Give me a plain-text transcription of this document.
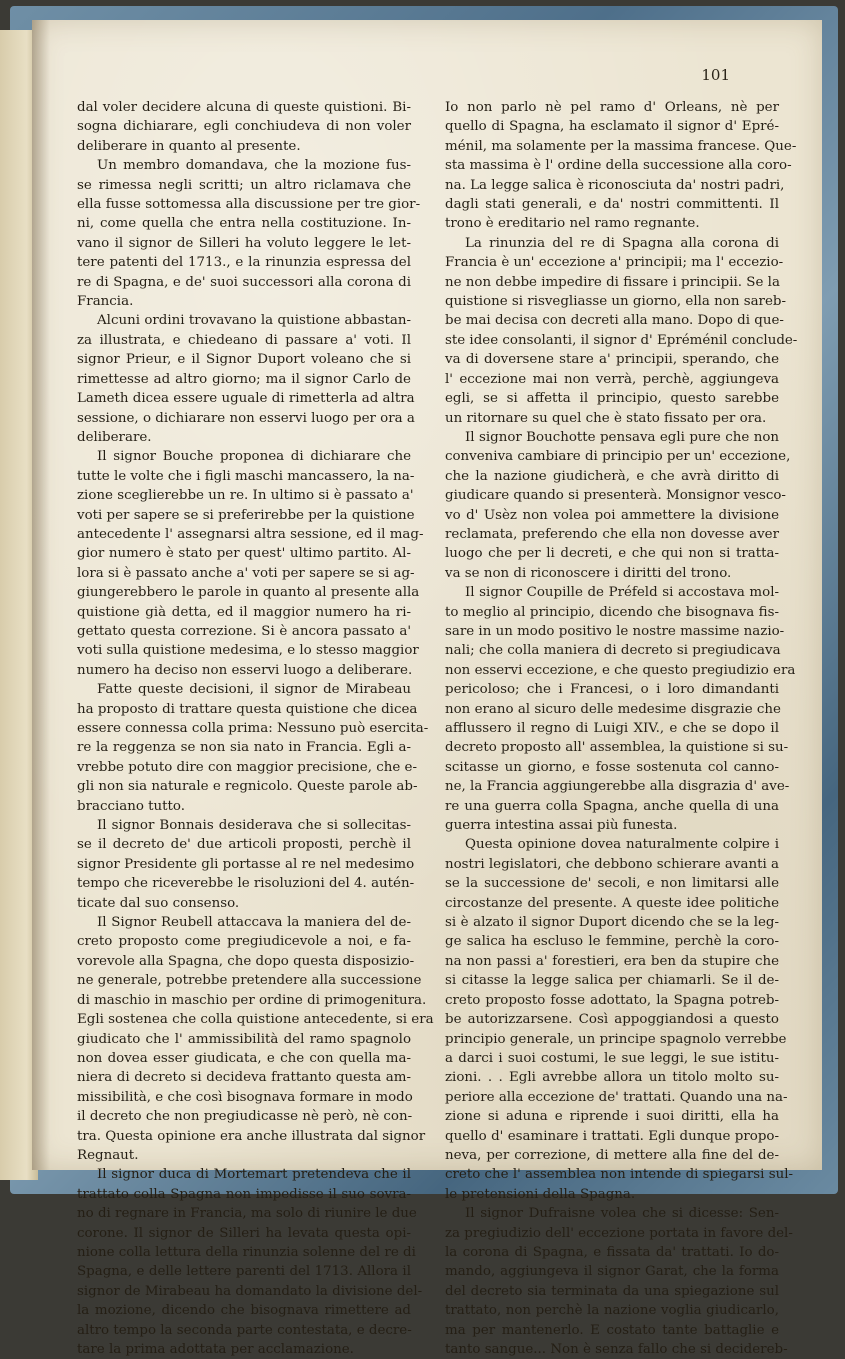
101
dal voler decidere alcuna di queste quistioni. Bi-
sogna dichiarare, egli conchiudeva di non voler
deliberare in quanto al presente.
Un membro domandava, che la mozione fus-
se rimessa negli scritti; un altro riclamava che
ella fusse sottomessa alla discussione per tre gior-
ni, come quella che entra nella costituzione. In-
vano il signor de Silleri ha voluto leggere le let-
tere patenti del 1713., e la rinunzia espressa del
re di Spagna, e de' suoi successori alla corona di
Francia.
Alcuni ordini trovavano la quistione abbastan-
za illustrata, e chiedeano di passare a' voti. Il
signor Prieur, e il Signor Duport voleano che si
rimettesse ad altro giorno; ma il signor Carlo de
Lameth dicea essere uguale di rimetterla ad altra
sessione, o dichiarare non esservi luogo per ora a
deliberare.
Il signor Bouche proponea di dichiarare che
tutte le volte che i figli maschi mancassero, la na-
zione sceglierebbe un re. In ultimo si è passato a'
voti per sapere se si preferirebbe per la quistione
antecedente l' assegnarsi altra sessione, ed il mag-
gior numero è stato per quest' ultimo partito. Al-
lora si è passato anche a' voti per sapere se si ag-
giungerebbero le parole in quanto al presente alla
quistione già detta, ed il maggior numero ha ri-
gettato questa correzione. Si è ancora passato a'
voti sulla quistione medesima, e lo stesso maggior
numero ha deciso non esservi luogo a deliberare.
Fatte queste decisioni, il signor de Mirabeau
ha proposto di trattare questa quistione che dicea
essere connessa colla prima: Nessuno può esercita-
re la reggenza se non sia nato in Francia. Egli a-
vrebbe potuto dire con maggior precisione, che e-
gli non sia naturale e regnicolo. Queste parole ab-
bracciano tutto.
Il signor Bonnais desiderava che si sollecitas-
se il decreto de' due articoli proposti, perchè il
signor Presidente gli portasse al re nel medesimo
tempo che riceverebbe le risoluzioni del 4. autén-
ticate dal suo consenso.
Il Signor Reubell attaccava la maniera del de-
creto proposto come pregiudicevole a noi, e fa-
vorevole alla Spagna, che dopo questa disposizio-
ne generale, potrebbe pretendere alla successione
di maschio in maschio per ordine di primogenitura.
Egli sostenea che colla quistione antecedente, si era
giudicato che l' ammissibilità del ramo spagnolo
non dovea esser giudicata, e che con quella ma-
niera di decreto si decideva frattanto questa am-
missibilità, e che così bisognava formare in modo
il decreto che non pregiudicasse nè però, nè con-
tra. Questa opinione era anche illustrata dal signor
Regnaut.
Il signor duca di Mortemart pretendeva che il
trattato colla Spagna non impedisse il suo sovra-
no di regnare in Francia, ma solo di riunire le due
corone. Il signor de Silleri ha levata questa opi-
nione colla lettura della rinunzia solenne del re di
Spagna, e delle lettere parenti del 1713. Allora il
signor de Mirabeau ha domandato la divisione del-
la mozione, dicendo che bisognava rimettere ad
altro tempo la seconda parte contestata, e decre-
tare la prima adottata per acclamazione.
Io non parlo nè pel ramo d' Orleans, nè per
quello di Spagna, ha esclamato il signor d' Epré-
ménil, ma solamente per la massima francese. Que-
sta massima è l' ordine della successione alla coro-
na. La legge salica è riconosciuta da' nostri padri,
dagli stati generali, e da' nostri committenti. Il
trono è ereditario nel ramo regnante.
La rinunzia del re di Spagna alla corona di
Francia è un' eccezione a' principii; ma l' eccezio-
ne non debbe impedire di fissare i principii. Se la
quistione si risvegliasse un giorno, ella non sareb-
be mai decisa con decreti alla mano. Dopo di que-
ste idee consolanti, il signor d' Epréménil conclude-
va di doversene stare a' principii, sperando, che
l' eccezione mai non verrà, perchè, aggiungeva
egli, se si affetta il principio, questo sarebbe
un ritornare su quel che è stato fissato per ora.
Il signor Bouchotte pensava egli pure che non
conveniva cambiare di principio per un' eccezione,
che la nazione giudicherà, e che avrà diritto di
giudicare quando si presenterà. Monsignor vesco-
vo d' Usèz non volea poi ammettere la divisione
reclamata, preferendo che ella non dovesse aver
luogo che per li decreti, e che qui non si tratta-
va se non di riconoscere i diritti del trono.
Il signor Coupille de Préfeld si accostava mol-
to meglio al principio, dicendo che bisognava fis-
sare in un modo positivo le nostre massime nazio-
nali; che colla maniera di decreto si pregiudicava
non esservi eccezione, e che questo pregiudizio era
pericoloso; che i Francesi, o i loro dimandanti
non erano al sicuro delle medesime disgrazie che
afflussero il regno di Luigi XIV., e che se dopo il
decreto proposto all' assemblea, la quistione si su-
scitasse un giorno, e fosse sostenuta col canno-
ne, la Francia aggiungerebbe alla disgrazia d' ave-
re una guerra colla Spagna, anche quella di una
guerra intestina assai più funesta.
Questa opinione dovea naturalmente colpire i
nostri legislatori, che debbono schierare avanti a
se la successione de' secoli, e non limitarsi alle
circostanze del presente. A queste idee politiche
si è alzato il signor Duport dicendo che se la leg-
ge salica ha escluso le femmine, perchè la coro-
na non passi a' forestieri, era ben da stupire che
si citasse la legge salica per chiamarli. Se il de-
creto proposto fosse adottato, la Spagna potreb-
be autorizzarsene. Così appoggiandosi a questo
principio generale, un principe spagnolo verrebbe
a darci i suoi costumi, le sue leggi, le sue istitu-
zioni. . . Egli avrebbe allora un titolo molto su-
periore alla eccezione de' trattati. Quando una na-
zione si aduna e riprende i suoi diritti, ella ha
quello d' esaminare i trattati. Egli dunque propo-
neva, per correzione, di mettere alla fine del de-
creto che l' assemblea non intende di spiegarsi sul-
le pretensioni della Spagna.
Il signor Dufraisne volea che si dicesse: Sen-
za pregiudizio dell' eccezione portata in favore del-
la corona di Spagna, e fissata da' trattati. Io do-
mando, aggiungeva il signor Garat, che la forma
del decreto sia terminata da una spiegazione sul
trattato, non perchè la nazione voglia giudicarlo,
ma per mantenerlo. E costato tante battaglie e
tanto sangue... Non è senza fallo che si decidereb-
